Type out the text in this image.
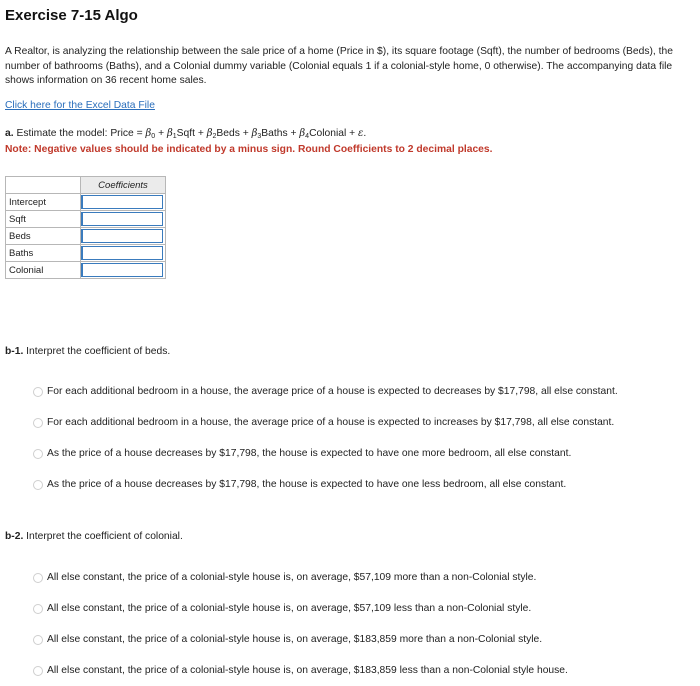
Exercise 7-15 Algo
A Realtor, is analyzing the relationship between the sale price of a home (Price in $), its square footage (Sqft), the number of bedrooms (Beds), the number of bathrooms (Baths), and a Colonial dummy variable (Colonial equals 1 if a colonial-style home, 0 otherwise). The accompanying data file shows information on 36 recent home sales.
Click here for the Excel Data File
a. Estimate the model: Price = $\beta_0$ + $\beta_1Sqft$ + $\beta_2Beds$ + $\beta_3Baths$ + $\beta_4Colonial + \varepsilon$.
Note: Negative values should be indicated by a minus sign. Round Coefficients to 2 decimal places.
	Coefficients
Intercept	

Sqft	

Beds	

Baths	

Colonial	
b-1. Interpret the coefficient of beds.
For each additional bedroom in a house, the average price of a house is expected to decreases by $17,798, all else constant.
For each additional bedroom in a house, the average price of a house is expected to increases by $17,798, all else constant.
As the price of a house decreases by $17,798, the house is expected to have one more bedroom, all else constant.
As the price of a house decreases by $17,798, the house is expected to have one less bedroom, all else constant.
b-2. Interpret the coefficient of colonial.
All else constant, the price of a colonial-style house is, on average, $57,109 more than a non-Colonial style.
All else constant, the price of a colonial-style house is, on average, $57,109 less than a non-Colonial style.
All else constant, the price of a colonial-style house is, on average, $183,859 more than a non-Colonial style.
All else constant, the price of a colonial-style house is, on average, $183,859 less than a non-Colonial style house.
